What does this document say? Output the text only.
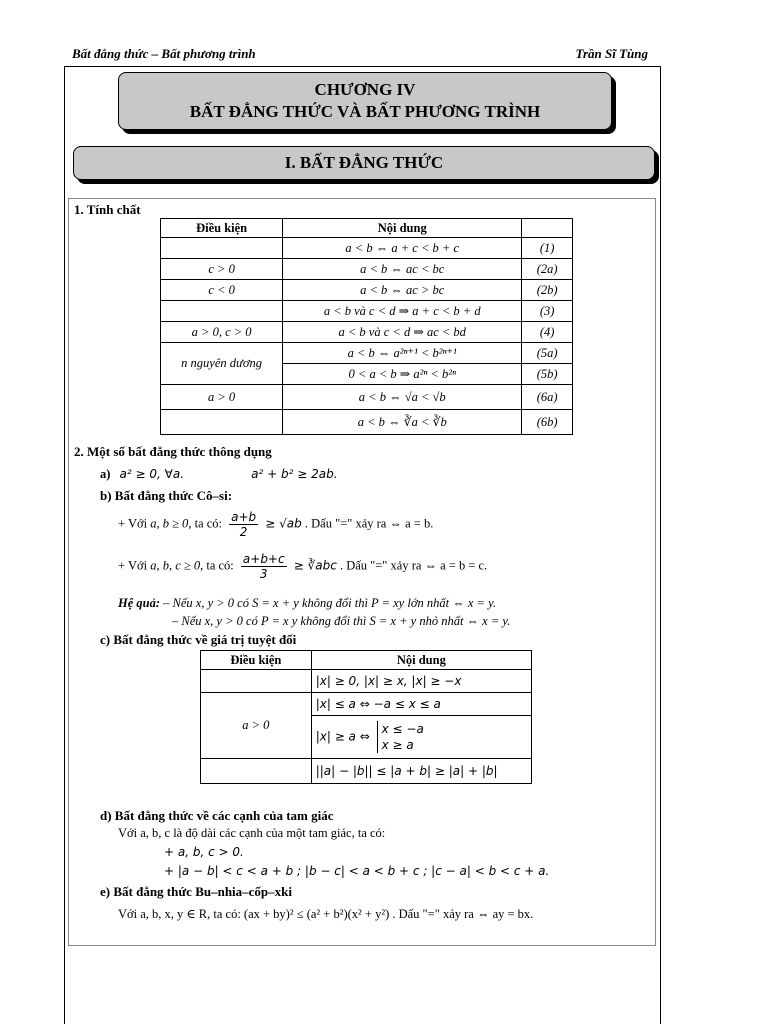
Bất đẳng thức – Bất phương trình	Trần Sĩ Tùng
CHƯƠNG IV
BẤT ĐẲNG THỨC VÀ BẤT PHƯƠNG TRÌNH
I. BẤT ĐẲNG THỨC
1. Tính chất
Điều kiện	Nội dung	
	a < b ⇔ a + c < b + c	(1)
c > 0	a < b ⇔ ac < bc	(2a)
c < 0	a < b ⇔ ac > bc	(2b)
	a < b và c < d ⇒ a + c < b + d	(3)
a > 0, c > 0	a < b và c < d ⇒ ac < bd	(4)
n nguyên dương	a < b ⇔ a²ⁿ⁺¹ < b²ⁿ⁺¹	(5a)
	0 < a < b ⇒ a²ⁿ < b²ⁿ	(5b)
a > 0	a < b ⇔ √a < √b	(6a)
	a < b ⇔ ∛a < ∛b	(6b)
2. Một số bất đẳng thức thông dụng
a) a² ≥ 0, ∀a.	a² + b² ≥ 2ab.
b) Bất đẳng thức Cô–si:
+ Với a, b ≥ 0, ta có: $\frac{a+b}{2} \ge √ab$ . Dấu "=" xảy ra ⇔ a = b.
+ Với a, b, c ≥ 0, ta có: $\frac{a+b+c}{3}$ ≥ ∛abc . Dấu "=" xảy ra ⇔ a = b = c.
Hệ quả: – Nếu x, y > 0 có S = x + y không đổi thì P = xy lớn nhất ⇔ x = y.
– Nếu x, y > 0 có P = x y không đổi thì S = x + y nhỏ nhất ⇔ x = y.
c) Bất đẳng thức về giá trị tuyệt đối
Điều kiện	Nội dung
	|x| ≥ 0, |x| ≥ x, |x| ≥ −x
a > 0	|x| ≤ a ⇔ −a ≤ x ≤ a
	|x| ≥ a ⇔
x ≤ −a
x ≥ a

	||a| − |b|| ≤ |a + b| ≥ |a| + |b|
d) Bất đẳng thức về các cạnh của tam giác
Với a, b, c là độ dài các cạnh của một tam giác, ta có:
+ a, b, c > 0.
+ |a − b| < c < a + b ; |b − c| < a < b + c ; |c − a| < b < c + a.
e) Bất đẳng thức Bu–nhia–cốp–xki
Với a, b, x, y ∈ R, ta có: (ax + by)² ≤ (a² + b²)(x² + y²) . Dấu "=" xảy ra ⇔ ay = bx.
